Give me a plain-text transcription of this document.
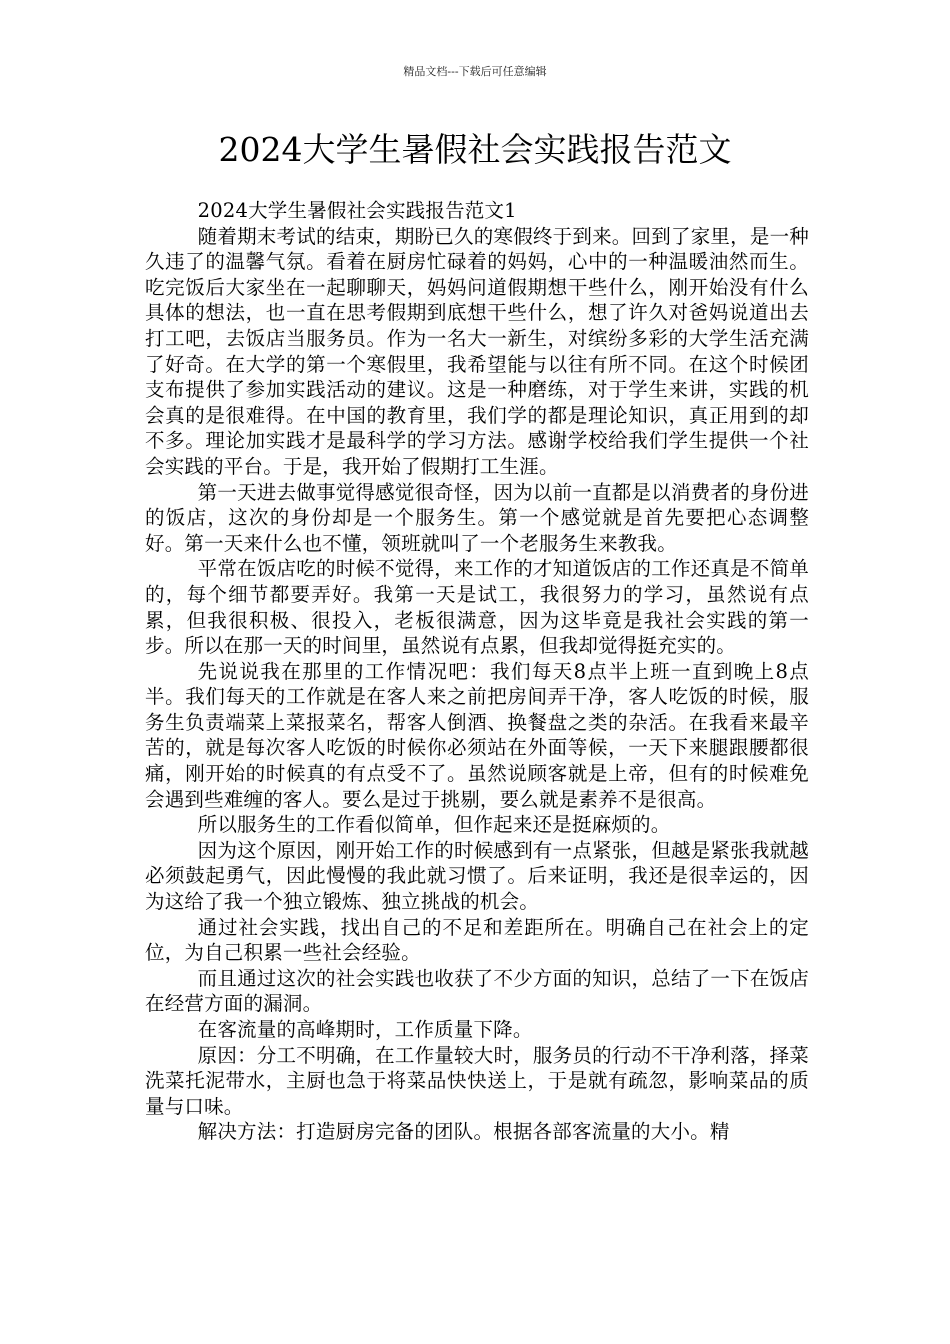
精品文档---下载后可任意编辑
2024大学生暑假社会实践报告范文

2024大学生暑假社会实践报告范文1

随着期末考试的结束，期盼已久的寒假终于到来。回到了家里，是一种久违了的温馨气氛。看着在厨房忙碌着的妈妈，心中的一种温暖油然而生。吃完饭后大家坐在一起聊聊天，妈妈问道假期想干些什么，刚开始没有什么具体的想法，也一直在思考假期到底想干些什么，想了许久对爸妈说道出去打工吧，去饭店当服务员。作为一名大一新生，对缤纷多彩的大学生活充满了好奇。在大学的第一个寒假里，我希望能与以往有所不同。在这个时候团支布提供了参加实践活动的建议。这是一种磨练，对于学生来讲，实践的机会真的是很难得。在中国的教育里，我们学的都是理论知识，真正用到的却不多。理论加实践才是最科学的学习方法。感谢学校给我们学生提供一个社会实践的平台。于是，我开始了假期打工生涯。

第一天进去做事觉得感觉很奇怪，因为以前一直都是以消费者的身份进的饭店，这次的身份却是一个服务生。第一个感觉就是首先要把心态调整好。第一天来什么也不懂，领班就叫了一个老服务生来教我。

平常在饭店吃的时候不觉得，来工作的才知道饭店的工作还真是不简单的，每个细节都要弄好。我第一天是试工，我很努力的学习，虽然说有点累，但我很积极、很投入，老板很满意，因为这毕竟是我社会实践的第一步。所以在那一天的时间里，虽然说有点累，但我却觉得挺充实的。

先说说我在那里的工作情况吧：我们每天8点半上班一直到晚上8点半。我们每天的工作就是在客人来之前把房间弄干净，客人吃饭的时候，服务生负责端菜上菜报菜名，帮客人倒酒、换餐盘之类的杂活。在我看来最辛苦的，就是每次客人吃饭的时候你必须站在外面等候，一天下来腿跟腰都很痛，刚开始的时候真的有点受不了。虽然说顾客就是上帝，但有的时候难免会遇到些难缠的客人。要么是过于挑剔，要么就是素养不是很高。

所以服务生的工作看似简单，但作起来还是挺麻烦的。

因为这个原因，刚开始工作的时候感到有一点紧张，但越是紧张我就越必须鼓起勇气，因此慢慢的我此就习惯了。后来证明，我还是很幸运的，因为这给了我一个独立锻炼、独立挑战的机会。

通过社会实践，找出自己的不足和差距所在。明确自己在社会上的定位，为自己积累一些社会经验。

而且通过这次的社会实践也收获了不少方面的知识，总结了一下在饭店在经营方面的漏洞。

在客流量的高峰期时，工作质量下降。

原因：分工不明确，在工作量较大时，服务员的行动不干净利落，择菜洗菜托泥带水，主厨也急于将菜品快快送上，于是就有疏忽，影响菜品的质量与口味。

解决方法：打造厨房完备的团队。根据各部客流量的大小。精
